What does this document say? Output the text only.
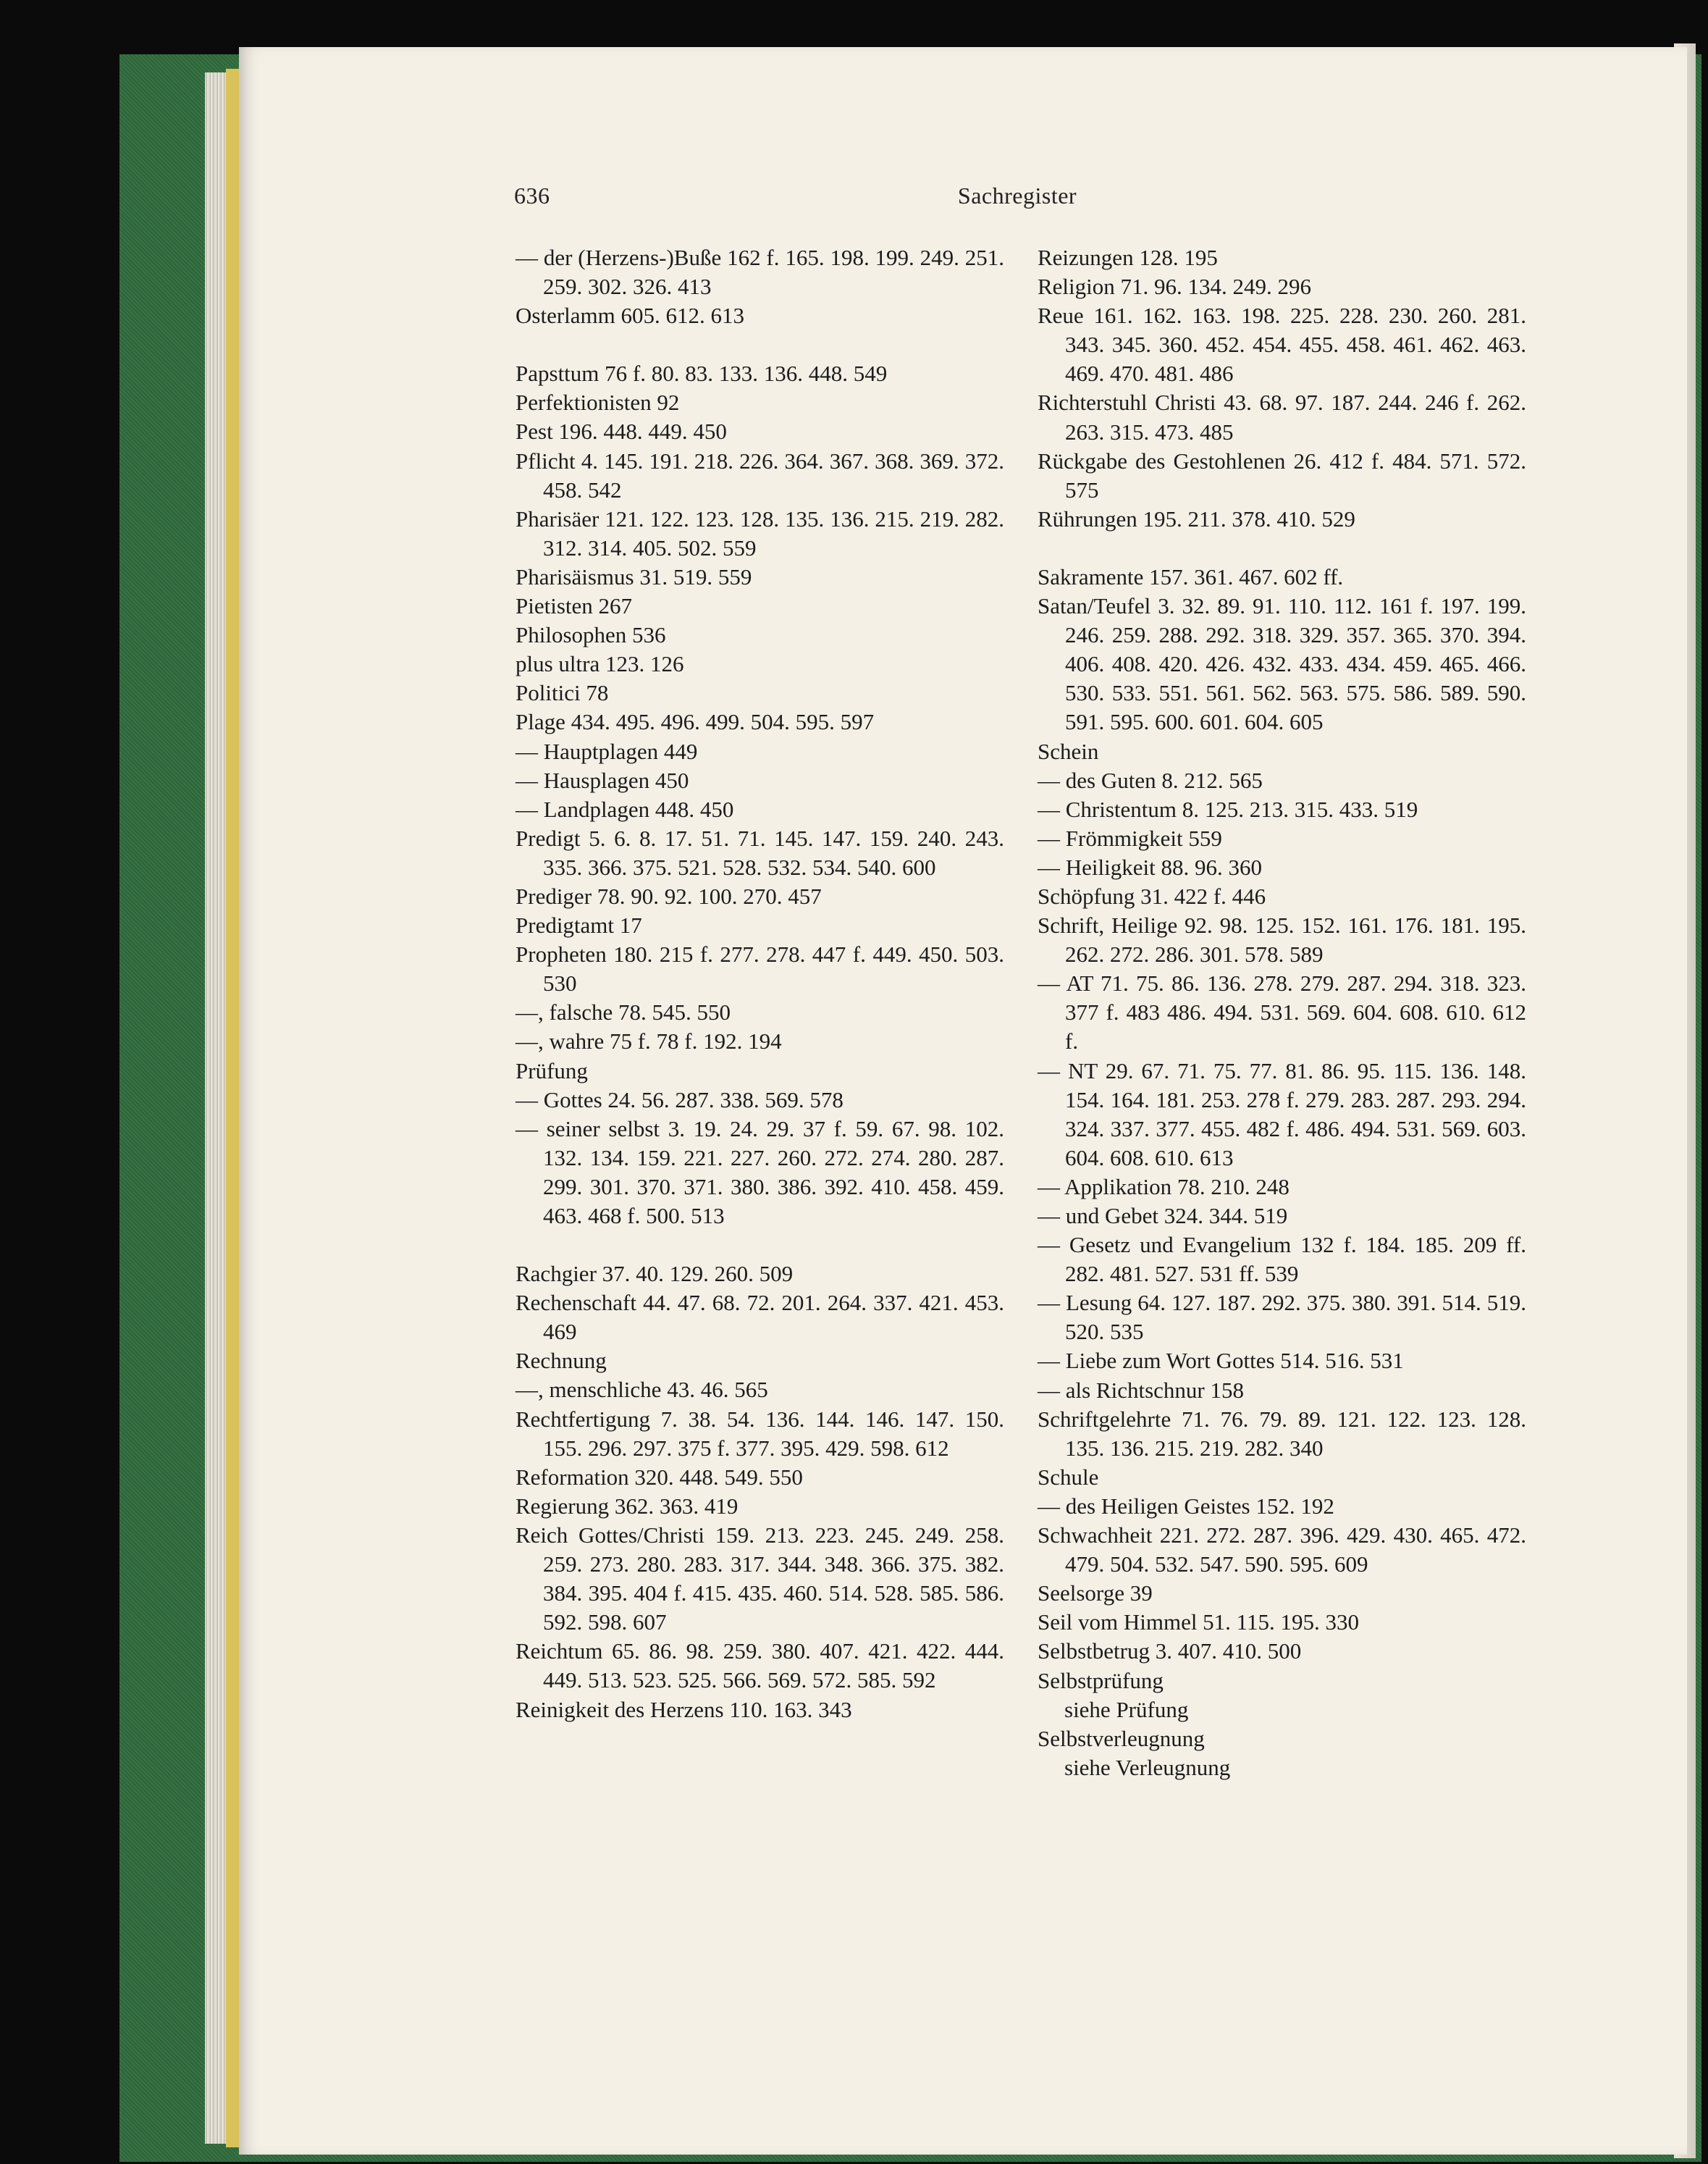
636	Sachregister
— der (Herzens-)Buße 162 f. 165. 198. 199. 249. 251. 259. 302. 326. 413
Osterlamm 605. 612. 613
Papsttum 76 f. 80. 83. 133. 136. 448. 549
Perfektionisten 92
Pest 196. 448. 449. 450
Pflicht 4. 145. 191. 218. 226. 364. 367. 368. 369. 372. 458. 542
Pharisäer 121. 122. 123. 128. 135. 136. 215. 219. 282. 312. 314. 405. 502. 559
Pharisäismus 31. 519. 559
Pietisten 267
Philosophen 536
plus ultra 123. 126
Politici 78
Plage 434. 495. 496. 499. 504. 595. 597
— Hauptplagen 449
— Hausplagen 450
— Landplagen 448. 450
Predigt 5. 6. 8. 17. 51. 71. 145. 147. 159. 240. 243. 335. 366. 375. 521. 528. 532. 534. 540. 600
Prediger 78. 90. 92. 100. 270. 457
Predigtamt 17
Propheten 180. 215 f. 277. 278. 447 f. 449. 450. 503. 530
—, falsche 78. 545. 550
—, wahre 75 f. 78 f. 192. 194
Prüfung
— Gottes 24. 56. 287. 338. 569. 578
— seiner selbst 3. 19. 24. 29. 37 f. 59. 67. 98. 102. 132. 134. 159. 221. 227. 260. 272. 274. 280. 287. 299. 301. 370. 371. 380. 386. 392. 410. 458. 459. 463. 468 f. 500. 513
Rachgier 37. 40. 129. 260. 509
Rechenschaft 44. 47. 68. 72. 201. 264. 337. 421. 453. 469
Rechnung
—, menschliche 43. 46. 565
Rechtfertigung 7. 38. 54. 136. 144. 146. 147. 150. 155. 296. 297. 375 f. 377. 395. 429. 598. 612
Reformation 320. 448. 549. 550
Regierung 362. 363. 419
Reich Gottes/Christi 159. 213. 223. 245. 249. 258. 259. 273. 280. 283. 317. 344. 348. 366. 375. 382. 384. 395. 404 f. 415. 435. 460. 514. 528. 585. 586. 592. 598. 607
Reichtum 65. 86. 98. 259. 380. 407. 421. 422. 444. 449. 513. 523. 525. 566. 569. 572. 585. 592
Reinigkeit des Herzens 110. 163. 343
Reizungen 128. 195
Religion 71. 96. 134. 249. 296
Reue 161. 162. 163. 198. 225. 228. 230. 260. 281. 343. 345. 360. 452. 454. 455. 458. 461. 462. 463. 469. 470. 481. 486
Richterstuhl Christi 43. 68. 97. 187. 244. 246 f. 262. 263. 315. 473. 485
Rückgabe des Gestohlenen 26. 412 f. 484. 571. 572. 575
Rührungen 195. 211. 378. 410. 529
Sakramente 157. 361. 467. 602 ff.
Satan/Teufel 3. 32. 89. 91. 110. 112. 161 f. 197. 199. 246. 259. 288. 292. 318. 329. 357. 365. 370. 394. 406. 408. 420. 426. 432. 433. 434. 459. 465. 466. 530. 533. 551. 561. 562. 563. 575. 586. 589. 590. 591. 595. 600. 601. 604. 605
Schein
— des Guten 8. 212. 565
— Christentum 8. 125. 213. 315. 433. 519
— Frömmigkeit 559
— Heiligkeit 88. 96. 360
Schöpfung 31. 422 f. 446
Schrift, Heilige 92. 98. 125. 152. 161. 176. 181. 195. 262. 272. 286. 301. 578. 589
— AT 71. 75. 86. 136. 278. 279. 287. 294. 318. 323. 377 f. 483 486. 494. 531. 569. 604. 608. 610. 612 f.
— NT 29. 67. 71. 75. 77. 81. 86. 95. 115. 136. 148. 154. 164. 181. 253. 278 f. 279. 283. 287. 293. 294. 324. 337. 377. 455. 482 f. 486. 494. 531. 569. 603. 604. 608. 610. 613
— Applikation 78. 210. 248
— und Gebet 324. 344. 519
— Gesetz und Evangelium 132 f. 184. 185. 209 ff. 282. 481. 527. 531 ff. 539
— Lesung 64. 127. 187. 292. 375. 380. 391. 514. 519. 520. 535
— Liebe zum Wort Gottes 514. 516. 531
— als Richtschnur 158
Schriftgelehrte 71. 76. 79. 89. 121. 122. 123. 128. 135. 136. 215. 219. 282. 340
Schule
— des Heiligen Geistes 152. 192
Schwachheit 221. 272. 287. 396. 429. 430. 465. 472. 479. 504. 532. 547. 590. 595. 609
Seelsorge 39
Seil vom Himmel 51. 115. 195. 330
Selbstbetrug 3. 407. 410. 500
Selbstprüfung
siehe Prüfung
Selbstverleugnung
siehe Verleugnung
